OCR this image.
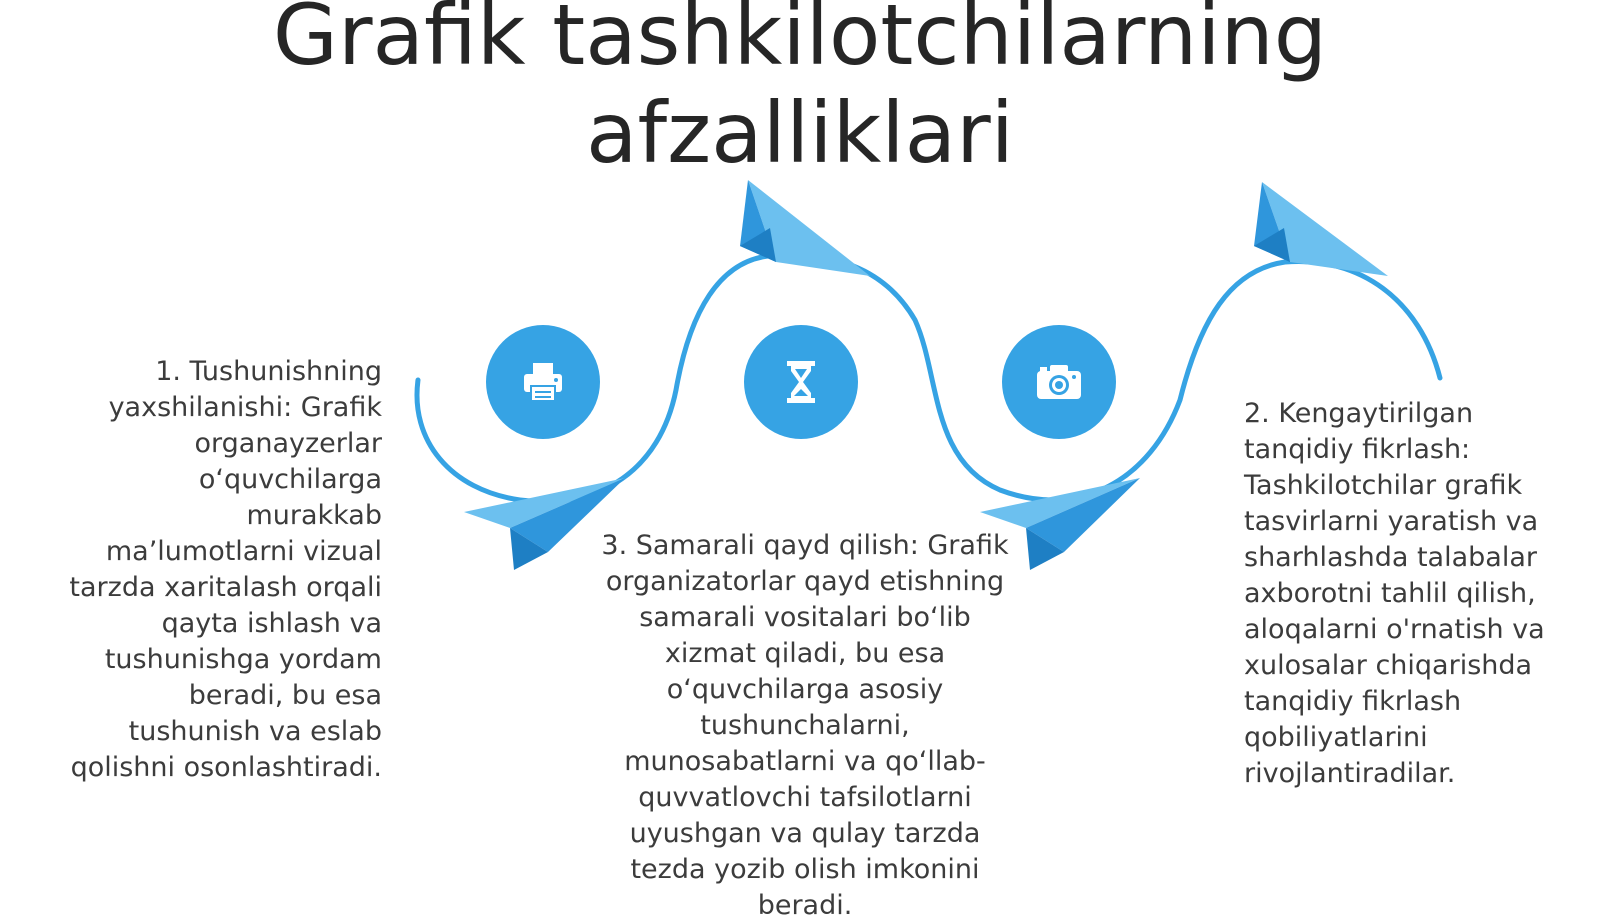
Grafik tashkilotchilarning
afzalliklari
1. Tushunishning yaxshilanishi: Grafik organayzerlar o‘quvchilarga murakkab ma’lumotlarni vizual tarzda xaritalash orqali qayta ishlash va tushunishga yordam beradi, bu esa tushunish va eslab qolishni osonlashtiradi.
2. Kengaytirilgan tanqidiy fikrlash: Tashkilotchilar grafik tasvirlarni yaratish va sharhlashda talabalar axborotni tahlil qilish, aloqalarni o'rnatish va xulosalar chiqarishda tanqidiy fikrlash qobiliyatlarini rivojlantiradilar.
3. Samarali qayd qilish: Grafik organizatorlar qayd etishning samarali vositalari bo‘lib xizmat qiladi, bu esa o‘quvchilarga asosiy tushunchalarni, munosabatlarni va qo‘llab-quvvatlovchi tafsilotlarni uyushgan va qulay tarzda tezda yozib olish imkonini beradi.
